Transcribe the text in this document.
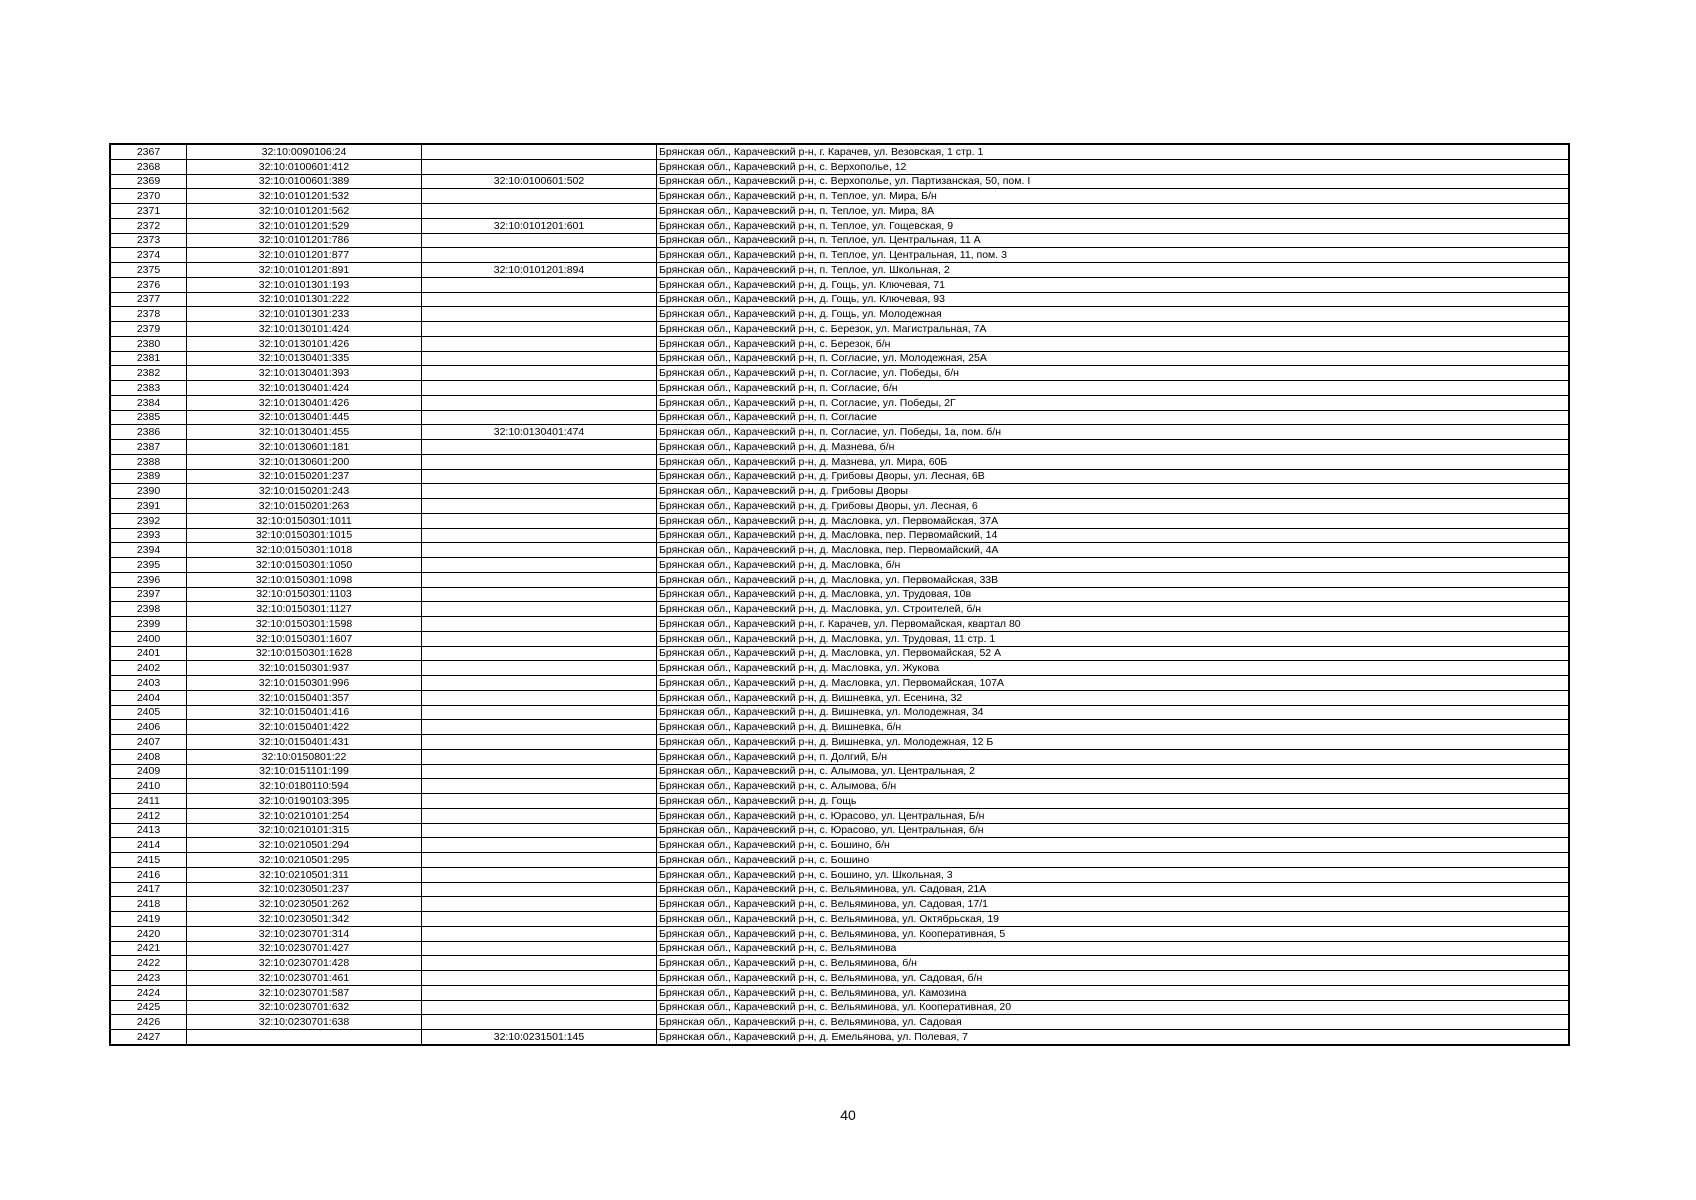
2367	32:10:0090106:24		Брянская обл., Карачевский р-н, г. Карачев, ул. Везовская, 1 стр. 1
2368	32:10:0100601:412		Брянская обл., Карачевский р-н, с. Верхополье, 12
2369	32:10:0100601:389	32:10:0100601:502	Брянская обл., Карачевский р-н, с. Верхополье, ул. Партизанская, 50, пом. I
2370	32:10:0101201:532		Брянская обл., Карачевский р-н, п. Теплое, ул. Мира, Б/н
2371	32:10:0101201:562		Брянская обл., Карачевский р-н, п. Теплое, ул. Мира, 8А
2372	32:10:0101201:529	32:10:0101201:601	Брянская обл., Карачевский р-н, п. Теплое, ул. Гощевская, 9
2373	32:10:0101201:786		Брянская обл., Карачевский р-н, п. Теплое, ул. Центральная, 11 А
2374	32:10:0101201:877		Брянская обл., Карачевский р-н, п. Теплое, ул. Центральная, 11, пом. 3
2375	32:10:0101201:891	32:10:0101201:894	Брянская обл., Карачевский р-н, п. Теплое, ул. Школьная, 2
2376	32:10:0101301:193		Брянская обл., Карачевский р-н, д. Гощь, ул. Ключевая, 71
2377	32:10:0101301:222		Брянская обл., Карачевский р-н, д. Гощь, ул. Ключевая, 93
2378	32:10:0101301:233		Брянская обл., Карачевский р-н, д. Гощь, ул. Молодежная
2379	32:10:0130101:424		Брянская обл., Карачевский р-н, с. Березок, ул. Магистральная, 7А
2380	32:10:0130101:426		Брянская обл., Карачевский р-н, с. Березок, б/н
2381	32:10:0130401:335		Брянская обл., Карачевский р-н, п. Согласие, ул. Молодежная, 25А
2382	32:10:0130401:393		Брянская обл., Карачевский р-н, п. Согласие, ул. Победы, б/н
2383	32:10:0130401:424		Брянская обл., Карачевский р-н, п. Согласие, б/н
2384	32:10:0130401:426		Брянская обл., Карачевский р-н, п. Согласие, ул. Победы, 2Г
2385	32:10:0130401:445		Брянская обл., Карачевский р-н, п. Согласие
2386	32:10:0130401:455	32:10:0130401:474	Брянская обл., Карачевский р-н, п. Согласие, ул. Победы, 1а, пом. б/н
2387	32:10:0130601:181		Брянская обл., Карачевский р-н, д. Мазнева, б/н
2388	32:10:0130601:200		Брянская обл., Карачевский р-н, д. Мазнева, ул. Мира, 60Б
2389	32:10:0150201:237		Брянская обл., Карачевский р-н, д. Грибовы Дворы, ул. Лесная, 6В
2390	32:10:0150201:243		Брянская обл., Карачевский р-н, д. Грибовы Дворы
2391	32:10:0150201:263		Брянская обл., Карачевский р-н, д. Грибовы Дворы, ул. Лесная, 6
2392	32:10:0150301:1011		Брянская обл., Карачевский р-н, д. Масловка, ул. Первомайская, 37А
2393	32:10:0150301:1015		Брянская обл., Карачевский р-н, д. Масловка, пер. Первомайский, 14
2394	32:10:0150301:1018		Брянская обл., Карачевский р-н, д. Масловка, пер. Первомайский, 4А
2395	32:10:0150301:1050		Брянская обл., Карачевский р-н, д. Масловка, б/н
2396	32:10:0150301:1098		Брянская обл., Карачевский р-н, д. Масловка, ул. Первомайская, 33В
2397	32:10:0150301:1103		Брянская обл., Карачевский р-н, д. Масловка, ул. Трудовая, 10в
2398	32:10:0150301:1127		Брянская обл., Карачевский р-н, д. Масловка, ул. Строителей, б/н
2399	32:10:0150301:1598		Брянская обл., Карачевский р-н, г. Карачев, ул. Первомайская, квартал 80
2400	32:10:0150301:1607		Брянская обл., Карачевский р-н, д. Масловка, ул. Трудовая, 11 стр. 1
2401	32:10:0150301:1628		Брянская обл., Карачевский р-н, д. Масловка, ул. Первомайская, 52 А
2402	32:10:0150301:937		Брянская обл., Карачевский р-н, д. Масловка, ул. Жукова
2403	32:10:0150301:996		Брянская обл., Карачевский р-н, д. Масловка, ул. Первомайская, 107А
2404	32:10:0150401:357		Брянская обл., Карачевский р-н, д. Вишневка, ул. Есенина, 32
2405	32:10:0150401:416		Брянская обл., Карачевский р-н, д. Вишневка, ул. Молодежная, 34
2406	32:10:0150401:422		Брянская обл., Карачевский р-н, д. Вишневка, б/н
2407	32:10:0150401:431		Брянская обл., Карачевский р-н, д. Вишневка, ул. Молодежная, 12 Б
2408	32:10:0150801:22		Брянская обл., Карачевский р-н, п. Долгий, Б/н
2409	32:10:0151101:199		Брянская обл., Карачевский р-н, с. Алымова, ул. Центральная, 2
2410	32:10:0180110:594		Брянская обл., Карачевский р-н, с. Алымова, б/н
2411	32:10:0190103:395		Брянская обл., Карачевский р-н, д. Гощь
2412	32:10:0210101:254		Брянская обл., Карачевский р-н, с. Юрасово, ул. Центральная, Б/н
2413	32:10:0210101:315		Брянская обл., Карачевский р-н, с. Юрасово, ул. Центральная, б/н
2414	32:10:0210501:294		Брянская обл., Карачевский р-н, с. Бошино, б/н
2415	32:10:0210501:295		Брянская обл., Карачевский р-н, с. Бошино
2416	32:10:0210501:311		Брянская обл., Карачевский р-н, с. Бошино, ул. Школьная, 3
2417	32:10:0230501:237		Брянская обл., Карачевский р-н, с. Вельяминова, ул. Садовая, 21А
2418	32:10:0230501:262		Брянская обл., Карачевский р-н, с. Вельяминова, ул. Садовая, 17/1
2419	32:10:0230501:342		Брянская обл., Карачевский р-н, с. Вельяминова, ул. Октябрьская, 19
2420	32:10:0230701:314		Брянская обл., Карачевский р-н, с. Вельяминова, ул. Кооперативная, 5
2421	32:10:0230701:427		Брянская обл., Карачевский р-н, с. Вельяминова
2422	32:10:0230701:428		Брянская обл., Карачевский р-н, с. Вельяминова, б/н
2423	32:10:0230701:461		Брянская обл., Карачевский р-н, с. Вельяминова, ул. Садовая, б/н
2424	32:10:0230701:587		Брянская обл., Карачевский р-н, с. Вельяминова, ул. Камозина
2425	32:10:0230701:632		Брянская обл., Карачевский р-н, с. Вельяминова, ул. Кооперативная, 20
2426	32:10:0230701:638		Брянская обл., Карачевский р-н, с. Вельяминова, ул. Садовая
2427		32:10:0231501:145	Брянская обл., Карачевский р-н, д. Емельянова, ул. Полевая, 7
40
